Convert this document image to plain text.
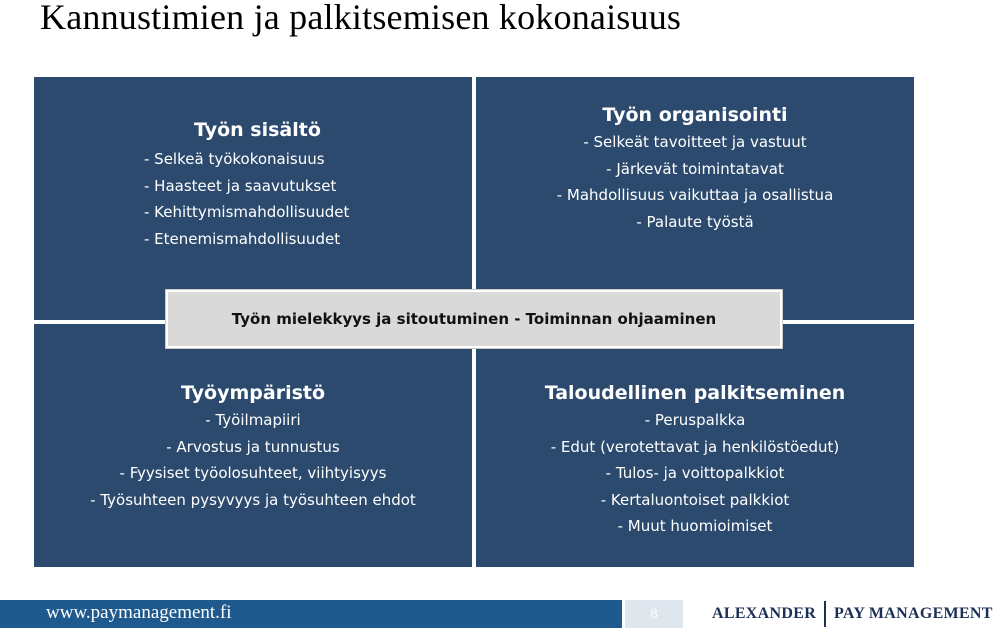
Kannustimien ja palkitsemisen kokonaisuus
Työn sisältö
- Selkeä työkokonaisuus
- Haasteet ja saavutukset
- Kehittymismahdollisuudet
- Etenemismahdollisuudet
Työn organisointi
- Selkeät tavoitteet ja vastuut
- Järkevät toimintatavat
- Mahdollisuus vaikuttaa ja osallistua
- Palaute työstä
Työympäristö
- Työilmapiiri
- Arvostus ja tunnustus
- Fyysiset työolosuhteet, viihtyisyys
- Työsuhteen pysyvyys ja työsuhteen ehdot
Taloudellinen palkitseminen
- Peruspalkka
- Edut (verotettavat ja henkilöstöedut)
- Tulos- ja voittopalkkiot
- Kertaluontoiset palkkiot
- Muut huomioimiset
Työn mielekkyys ja sitoutuminen - Toiminnan ohjaaminen
www.paymanagement.fi	8	ALEXANDER PAY MANAGEMENT
